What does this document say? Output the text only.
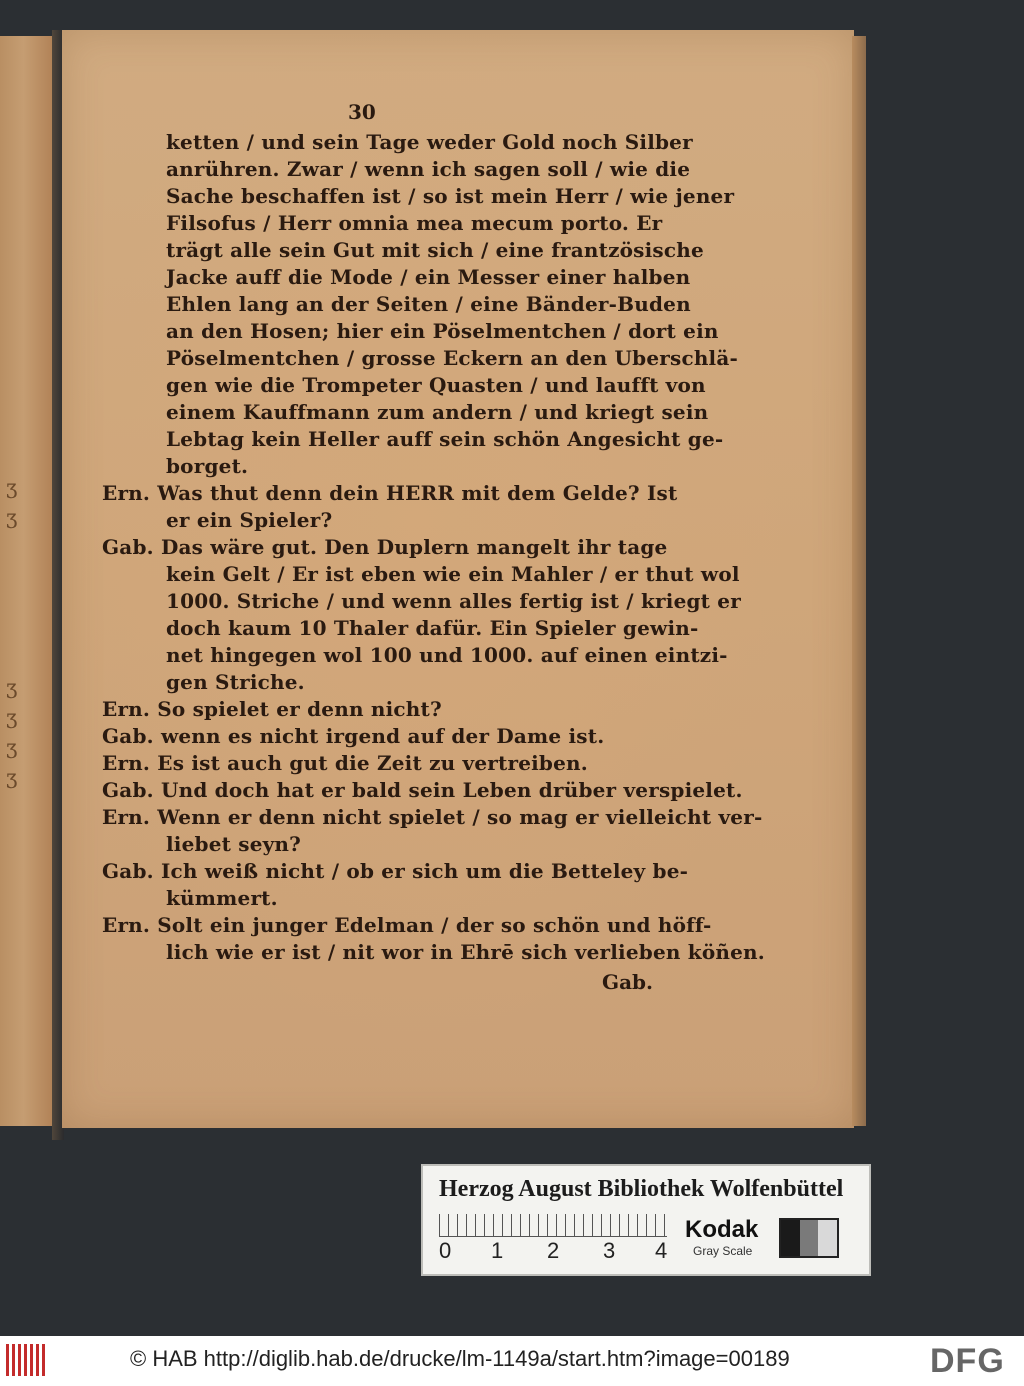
Ʒ
Ʒ
Ʒ
Ʒ
Ʒ
Ʒ
30
ketten / und sein Tage weder Gold noch Silber
anrühren. Zwar / wenn ich sagen soll / wie die
Sache beschaffen ist / so ist mein Herr / wie jener
Filsofus / Herr omnia mea mecum porto. Er
trägt alle sein Gut mit sich / eine frantzösische
Jacke auff die Mode / ein Messer einer halben
Ehlen lang an der Seiten / eine Bänder-Buden
an den Hosen; hier ein Pöselmentchen / dort ein
Pöselmentchen / grosse Eckern an den Uberschlä-
gen wie die Trompeter Quasten / und laufft von
einem Kauffmann zum andern / und kriegt sein
Lebtag kein Heller auff sein schön Angesicht ge-
borget.
Ern. Was thut denn dein HERR mit dem Gelde? Ist
er ein Spieler?
Gab. Das wäre gut. Den Duplern mangelt ihr tage
kein Gelt / Er ist eben wie ein Mahler / er thut wol
1000. Striche / und wenn alles fertig ist / kriegt er
doch kaum 10 Thaler dafür. Ein Spieler gewin-
net hingegen wol 100 und 1000. auf einen eintzi-
gen Striche.
Ern. So spielet er denn nicht?
Gab. wenn es nicht irgend auf der Dame ist.
Ern. Es ist auch gut die Zeit zu vertreiben.
Gab. Und doch hat er bald sein Leben drüber verspielet.
Ern. Wenn er denn nicht spielet / so mag er vielleicht ver-
liebet seyn?
Gab. Ich weiß nicht / ob er sich um die Betteley be-
kümmert.
Ern. Solt ein junger Edelman / der so schön und höff-
lich wie er ist / nit wor in Ehrē sich verlieben köñen.
Gab.
Herzog August Bibliothek Wolfenbüttel
0 1 2 3 4
Kodak
Gray Scale
© HAB http://diglib.hab.de/drucke/lm-1149a/start.htm?image=00189	DFG
